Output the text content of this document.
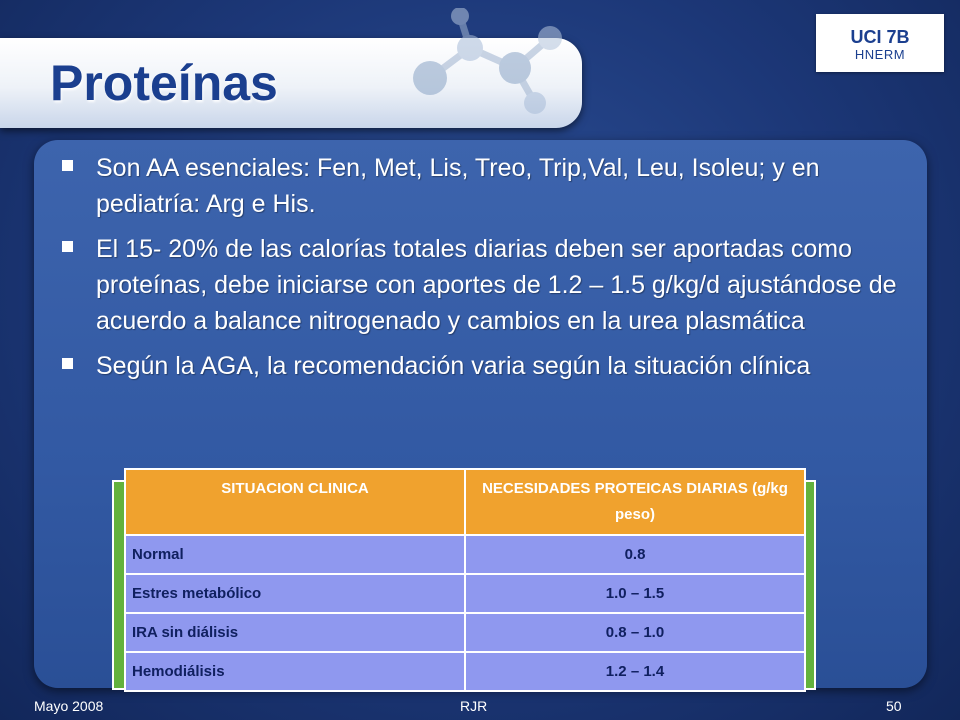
Proteínas
UCI 7B
HNERM
Son AA esenciales: Fen, Met, Lis, Treo, Trip,Val, Leu, Isoleu; y en pediatría: Arg e His.
El 15- 20% de las calorías totales diarias deben ser aportadas como proteínas, debe iniciarse con aportes de 1.2 – 1.5 g/kg/d ajustándose de acuerdo a balance nitrogenado y cambios en la urea plasmática
Según la AGA, la recomendación varia según la situación clínica
SITUACION CLINICA	NECESIDADES PROTEICAS DIARIAS (g/kg peso)
Normal	0.8
Estres metabólico	1.0 – 1.5
IRA sin diálisis	0.8 – 1.0
Hemodiálisis	1.2 – 1.4
Mayo 2008	RJR	50
